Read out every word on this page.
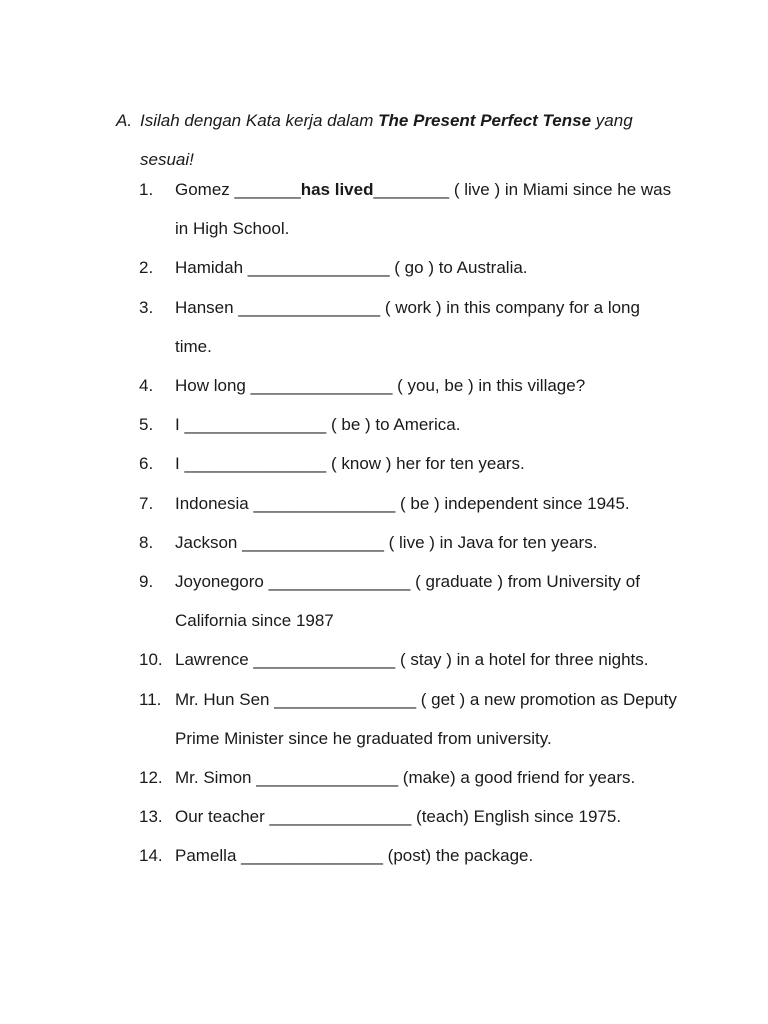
A. Isilah dengan Kata kerja dalam The Present Perfect Tense yang
sesuai!
1.	Gomez _______has lived________ ( live ) in Miami since he was in High School.
2.	Hamidah _______________ ( go ) to Australia.
3.	Hansen _______________ ( work ) in this company for a long time.
4.	How long _______________ ( you, be ) in this village?
5.	I _______________ ( be ) to America.
6.	I _______________ ( know ) her for ten years.
7.	Indonesia _______________ ( be ) independent since 1945.
8.	Jackson _______________ ( live ) in Java for ten years.
9.	Joyonegoro _______________ ( graduate ) from University of California since 1987
10. Lawrence _______________ ( stay ) in a hotel for three nights.
11. Mr. Hun Sen _______________ ( get ) a new promotion as Deputy Prime Minister since he graduated from university.
12. Mr. Simon _______________ (make) a good friend for years.
13. Our teacher _______________ (teach) English since 1975.
14. Pamella _______________ (post) the package.
